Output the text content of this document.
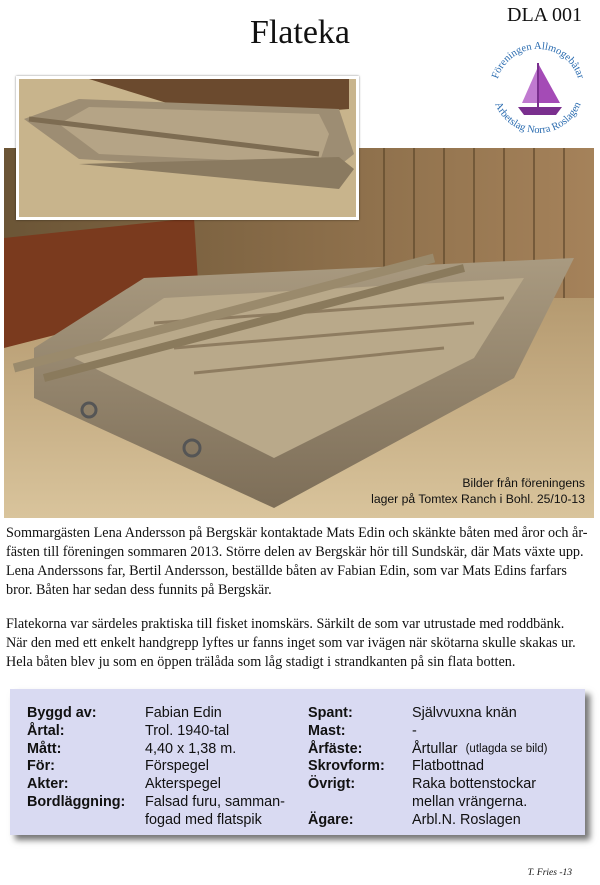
Flateka	DLA 001
Föreningen Allmogebåtar
Arbetslag Norra Roslagen
Bilder från föreningens
lager på Tomtex Ranch i Bohl. 25/10-13
Sommargästen Lena Andersson på Bergskär kontaktade Mats Edin och skänkte båten med åror och år-
fästen till föreningen sommaren 2013. Större delen av Bergskär hör till Sundskär, där Mats växte upp.
Lena Anderssons far, Bertil Andersson, beställde båten av Fabian Edin, som var Mats Edins farfars
bror. Båten har sedan dess funnits på Bergskär.
Flatekorna var särdeles praktiska till fisket inomskärs. Särkilt de som var utrustade med roddbänk.
När den med ett enkelt handgrepp lyftes ur fanns inget som var ivägen när skötarna skulle skakas ur.
Hela båten blev ju som en öppen trälåda som låg stadigt i strandkanten på sin flata botten.
Byggd av:	Fabian Edin
Årtal:	Trol. 1940-tal
Mått:	4,40 x 1,38 m.
För:	Förspegel
Akter:	Akterspegel
Bordläggning:	Falsad furu, samman-
fogad med flatspik
Spant:	Självvuxna knän
Mast:	-
Årfäste:	Årtullar
(utlagda se bild)
Skrovform:	Flatbottnad
Övrigt:	Raka bottenstockar
mellan vrängerna.
Ägare:	Arbl.N. Roslagen
T. Fries -13
